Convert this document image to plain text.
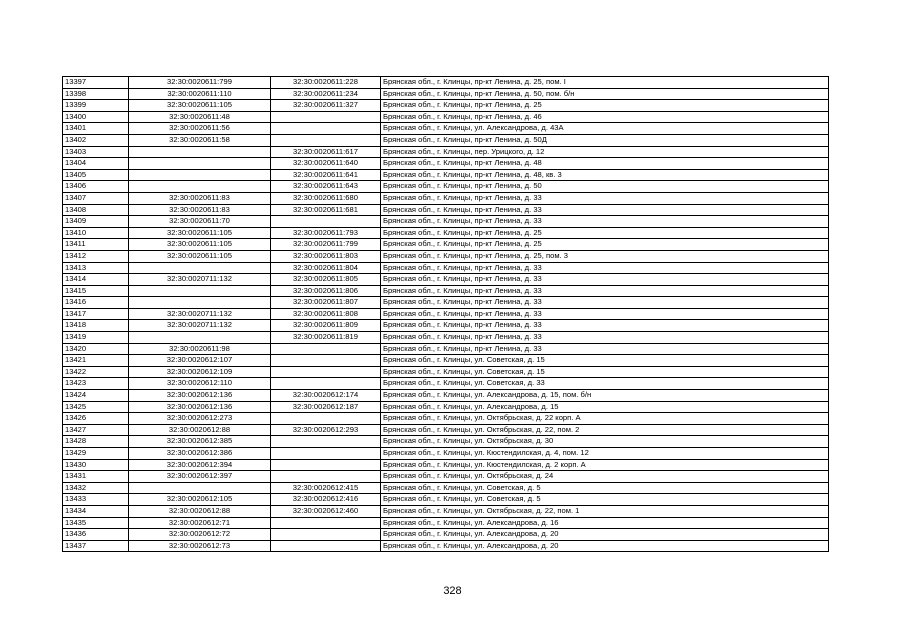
13397	32:30:0020611:799	32:30:0020611:228	Брянская обл., г. Клинцы, пр-кт Ленина, д. 25, пом. I
13398	32:30:0020611:110	32:30:0020611:234	Брянская обл., г. Клинцы, пр-кт Ленина, д. 50, пом. б/н
13399	32:30:0020611:105	32:30:0020611:327	Брянская обл., г. Клинцы, пр-кт Ленина, д. 25
13400	32:30:0020611:48		Брянская обл., г. Клинцы, пр-кт Ленина, д. 46
13401	32:30:0020611:56		Брянская обл., г. Клинцы, ул. Александрова, д. 43А
13402	32:30:0020611:58		Брянская обл., г. Клинцы, пр-кт Ленина, д. 50Д
13403		32:30:0020611:617	Брянская обл., г. Клинцы, пер. Урицкого, д. 12
13404		32:30:0020611:640	Брянская обл., г. Клинцы, пр-кт Ленина, д. 48
13405		32:30:0020611:641	Брянская обл., г. Клинцы, пр-кт Ленина, д. 48, кв. 3
13406		32:30:0020611:643	Брянская обл., г. Клинцы, пр-кт Ленина, д. 50
13407	32:30:0020611:83	32:30:0020611:680	Брянская обл., г. Клинцы, пр-кт Ленина, д. 33
13408	32:30:0020611:83	32:30:0020611:681	Брянская обл., г. Клинцы, пр-кт Ленина, д. 33
13409	32:30:0020611:70		Брянская обл., г. Клинцы, пр-кт Ленина, д. 33
13410	32:30:0020611:105	32:30:0020611:793	Брянская обл., г. Клинцы, пр-кт Ленина, д. 25
13411	32:30:0020611:105	32:30:0020611:799	Брянская обл., г. Клинцы, пр-кт Ленина, д. 25
13412	32:30:0020611:105	32:30:0020611:803	Брянская обл., г. Клинцы, пр-кт Ленина, д. 25, пом. 3
13413		32:30:0020611:804	Брянская обл., г. Клинцы, пр-кт Ленина, д. 33
13414	32:30:0020711:132	32:30:0020611:805	Брянская обл., г. Клинцы, пр-кт Ленина, д. 33
13415		32:30:0020611:806	Брянская обл., г. Клинцы, пр-кт Ленина, д. 33
13416		32:30:0020611:807	Брянская обл., г. Клинцы, пр-кт Ленина, д. 33
13417	32:30:0020711:132	32:30:0020611:808	Брянская обл., г. Клинцы, пр-кт Ленина, д. 33
13418	32:30:0020711:132	32:30:0020611:809	Брянская обл., г. Клинцы, пр-кт Ленина, д. 33
13419		32:30:0020611:819	Брянская обл., г. Клинцы, пр-кт Ленина, д. 33
13420	32:30:0020611:98		Брянская обл., г. Клинцы, пр-кт Ленина, д. 33
13421	32:30:0020612:107		Брянская обл., г. Клинцы, ул. Советская, д. 15
13422	32:30:0020612:109		Брянская обл., г. Клинцы, ул. Советская, д. 15
13423	32:30:0020612:110		Брянская обл., г. Клинцы, ул. Советская, д. 33
13424	32:30:0020612:136	32:30:0020612:174	Брянская обл., г. Клинцы, ул. Александрова, д. 15, пом. б/н
13425	32:30:0020612:136	32:30:0020612:187	Брянская обл., г. Клинцы, ул. Александрова, д. 15
13426	32:30:0020612:273		Брянская обл., г. Клинцы, ул. Октябрьская, д. 22 корп. А
13427	32:30:0020612:88	32:30:0020612:293	Брянская обл., г. Клинцы, ул. Октябрьская, д. 22, пом. 2
13428	32:30:0020612:385		Брянская обл., г. Клинцы, ул. Октябрьская, д. 30
13429	32:30:0020612:386		Брянская обл., г. Клинцы, ул. Кюстендилская, д. 4, пом. 12
13430	32:30:0020612:394		Брянская обл., г. Клинцы, ул. Кюстендилская, д. 2 корп. А
13431	32:30:0020612:397		Брянская обл., г. Клинцы, ул. Октябрьская, д. 24
13432		32:30:0020612:415	Брянская обл., г. Клинцы, ул. Советская, д. 5
13433	32:30:0020612:105	32:30:0020612:416	Брянская обл., г. Клинцы, ул. Советская, д. 5
13434	32:30:0020612:88	32:30:0020612:460	Брянская обл., г. Клинцы, ул. Октябрьская, д. 22, пом. 1
13435	32:30:0020612:71		Брянская обл., г. Клинцы, ул. Александрова, д. 16
13436	32:30:0020612:72		Брянская обл., г. Клинцы, ул. Александрова, д. 20
13437	32:30:0020612:73		Брянская обл., г. Клинцы, ул. Александрова, д. 20
328
